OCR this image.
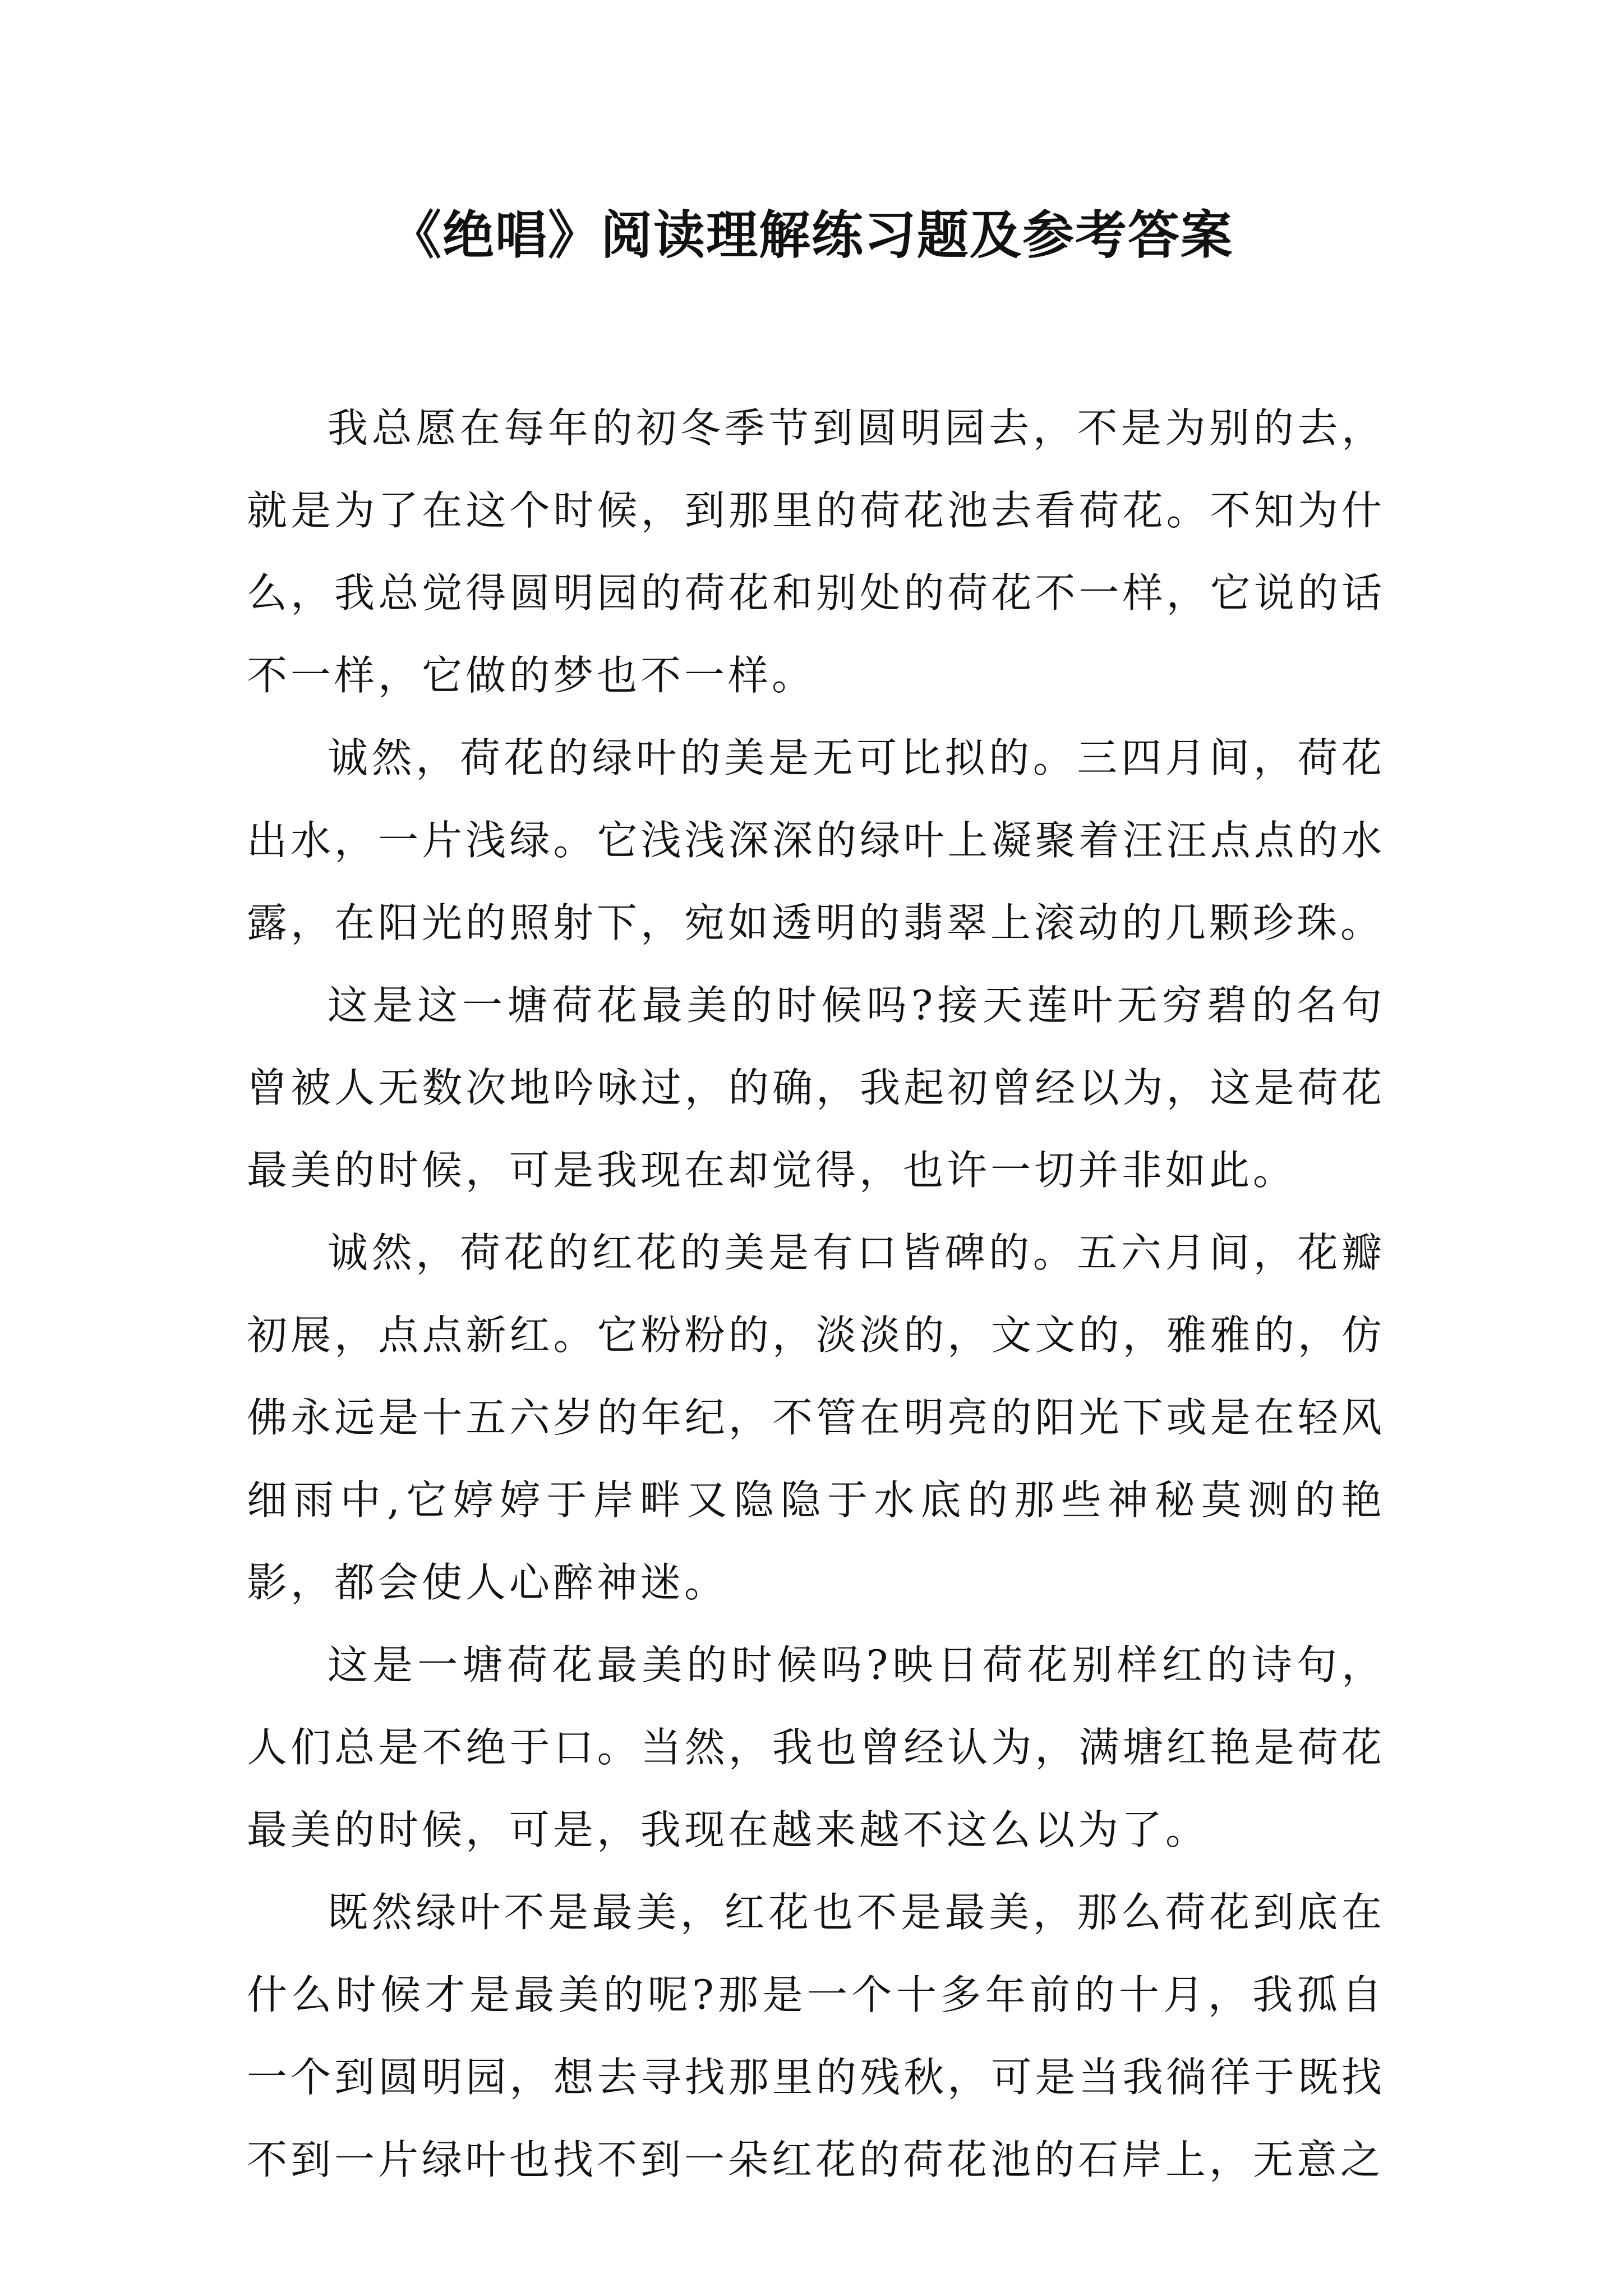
《绝唱》阅读理解练习题及参考答案

我总愿在每年的初冬季节到圆明园去，不是为别的去，就是为了在这个时候，到那里的荷花池去看荷花。不知为什么，我总觉得圆明园的荷花和别处的荷花不一样，它说的话不一样，它做的梦也不一样。

诚然，荷花的绿叶的美是无可比拟的。三四月间，荷花出水，一片浅绿。它浅浅深深的绿叶上凝聚着汪汪点点的水露，在阳光的照射下，宛如透明的翡翠上滚动的几颗珍珠。

这是这一塘荷花最美的时候吗?接天莲叶无穷碧的名句曾被人无数次地吟咏过，的确，我起初曾经以为，这是荷花最美的时候，可是我现在却觉得，也许一切并非如此。

诚然，荷花的红花的美是有口皆碑的。五六月间，花瓣初展，点点新红。它粉粉的，淡淡的，文文的，雅雅的，仿佛永远是十五六岁的年纪，不管在明亮的阳光下或是在轻风细雨中,它婷婷于岸畔又隐隐于水底的那些神秘莫测的艳影，都会使人心醉神迷。

这是一塘荷花最美的时候吗?映日荷花别样红的诗句，人们总是不绝于口。当然，我也曾经认为，满塘红艳是荷花最美的时候，可是，我现在越来越不这么以为了。

既然绿叶不是最美，红花也不是最美，那么荷花到底在什么时候才是最美的呢?那是一个十多年前的十月，我孤自一个到圆明园，想去寻找那里的残秋，可是当我徜徉于既找不到一片绿叶也找不到一朵红花的荷花池的石岸上，无意之
